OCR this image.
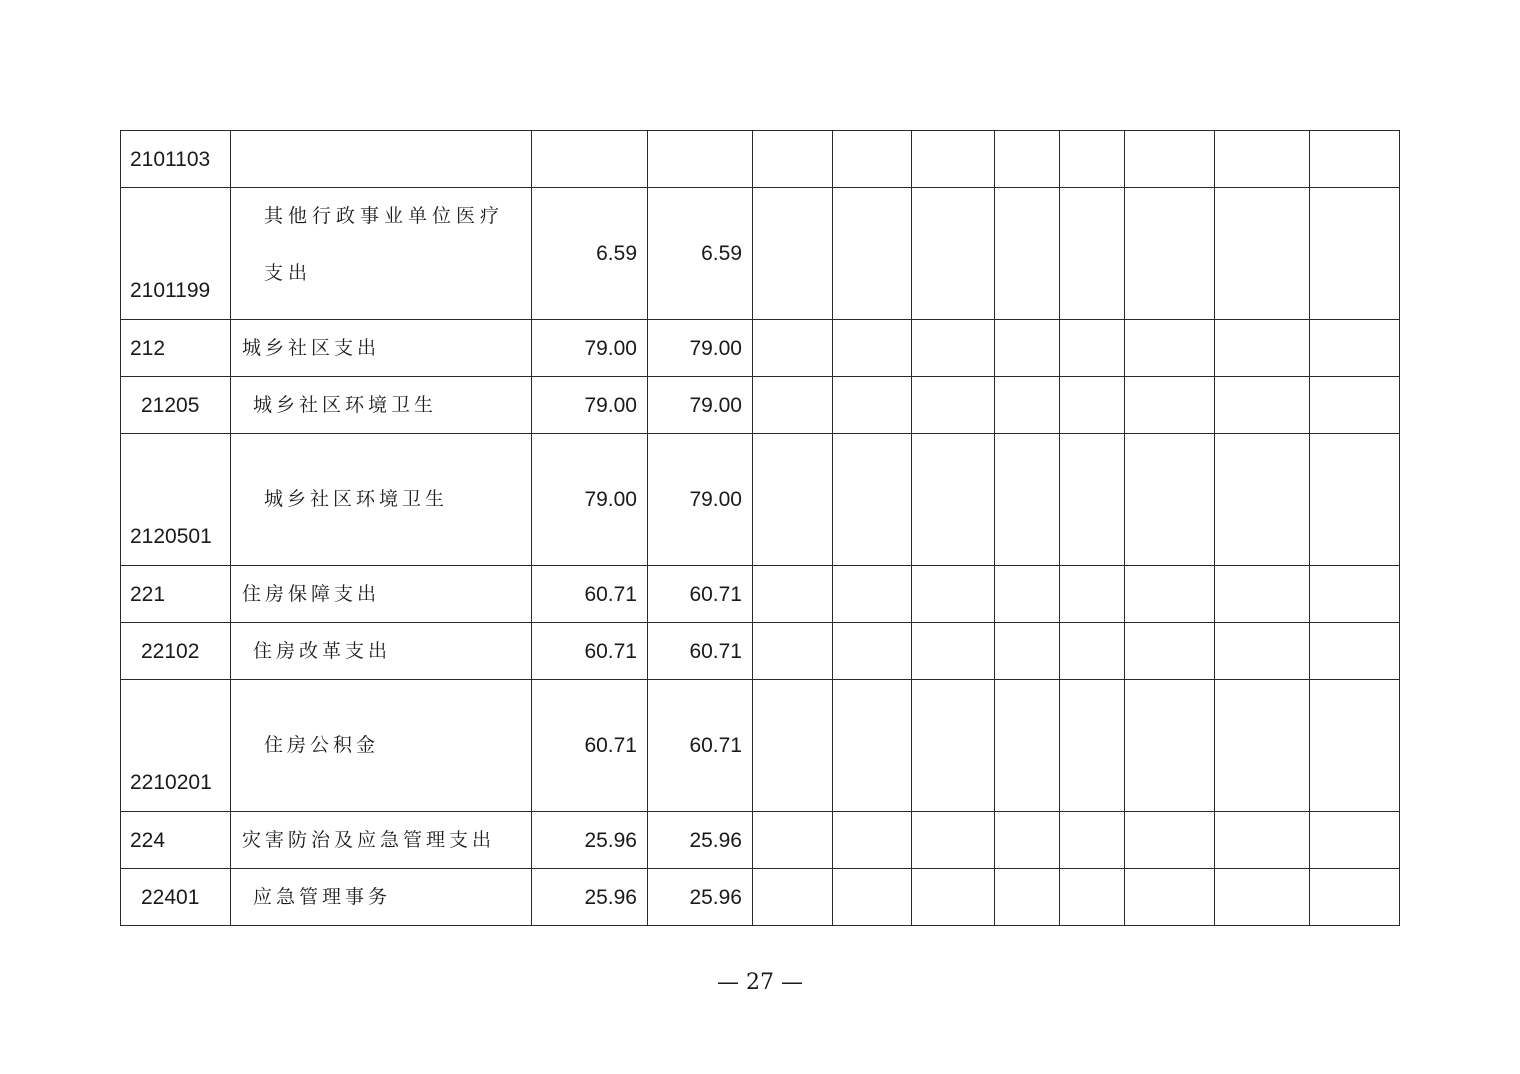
2101103											
2101199	其他行政事业单位医疗支出	6.59	6.59								
212	城乡社区支出	79.00	79.00								
21205	城乡社区环境卫生	79.00	79.00								
2120501	城乡社区环境卫生	79.00	79.00								
221	住房保障支出	60.71	60.71								
22102	住房改革支出	60.71	60.71								
2210201	住房公积金	60.71	60.71								
224	灾害防治及应急管理支出	25.96	25.96								
22401	应急管理事务	25.96	25.96								
— 27 —
